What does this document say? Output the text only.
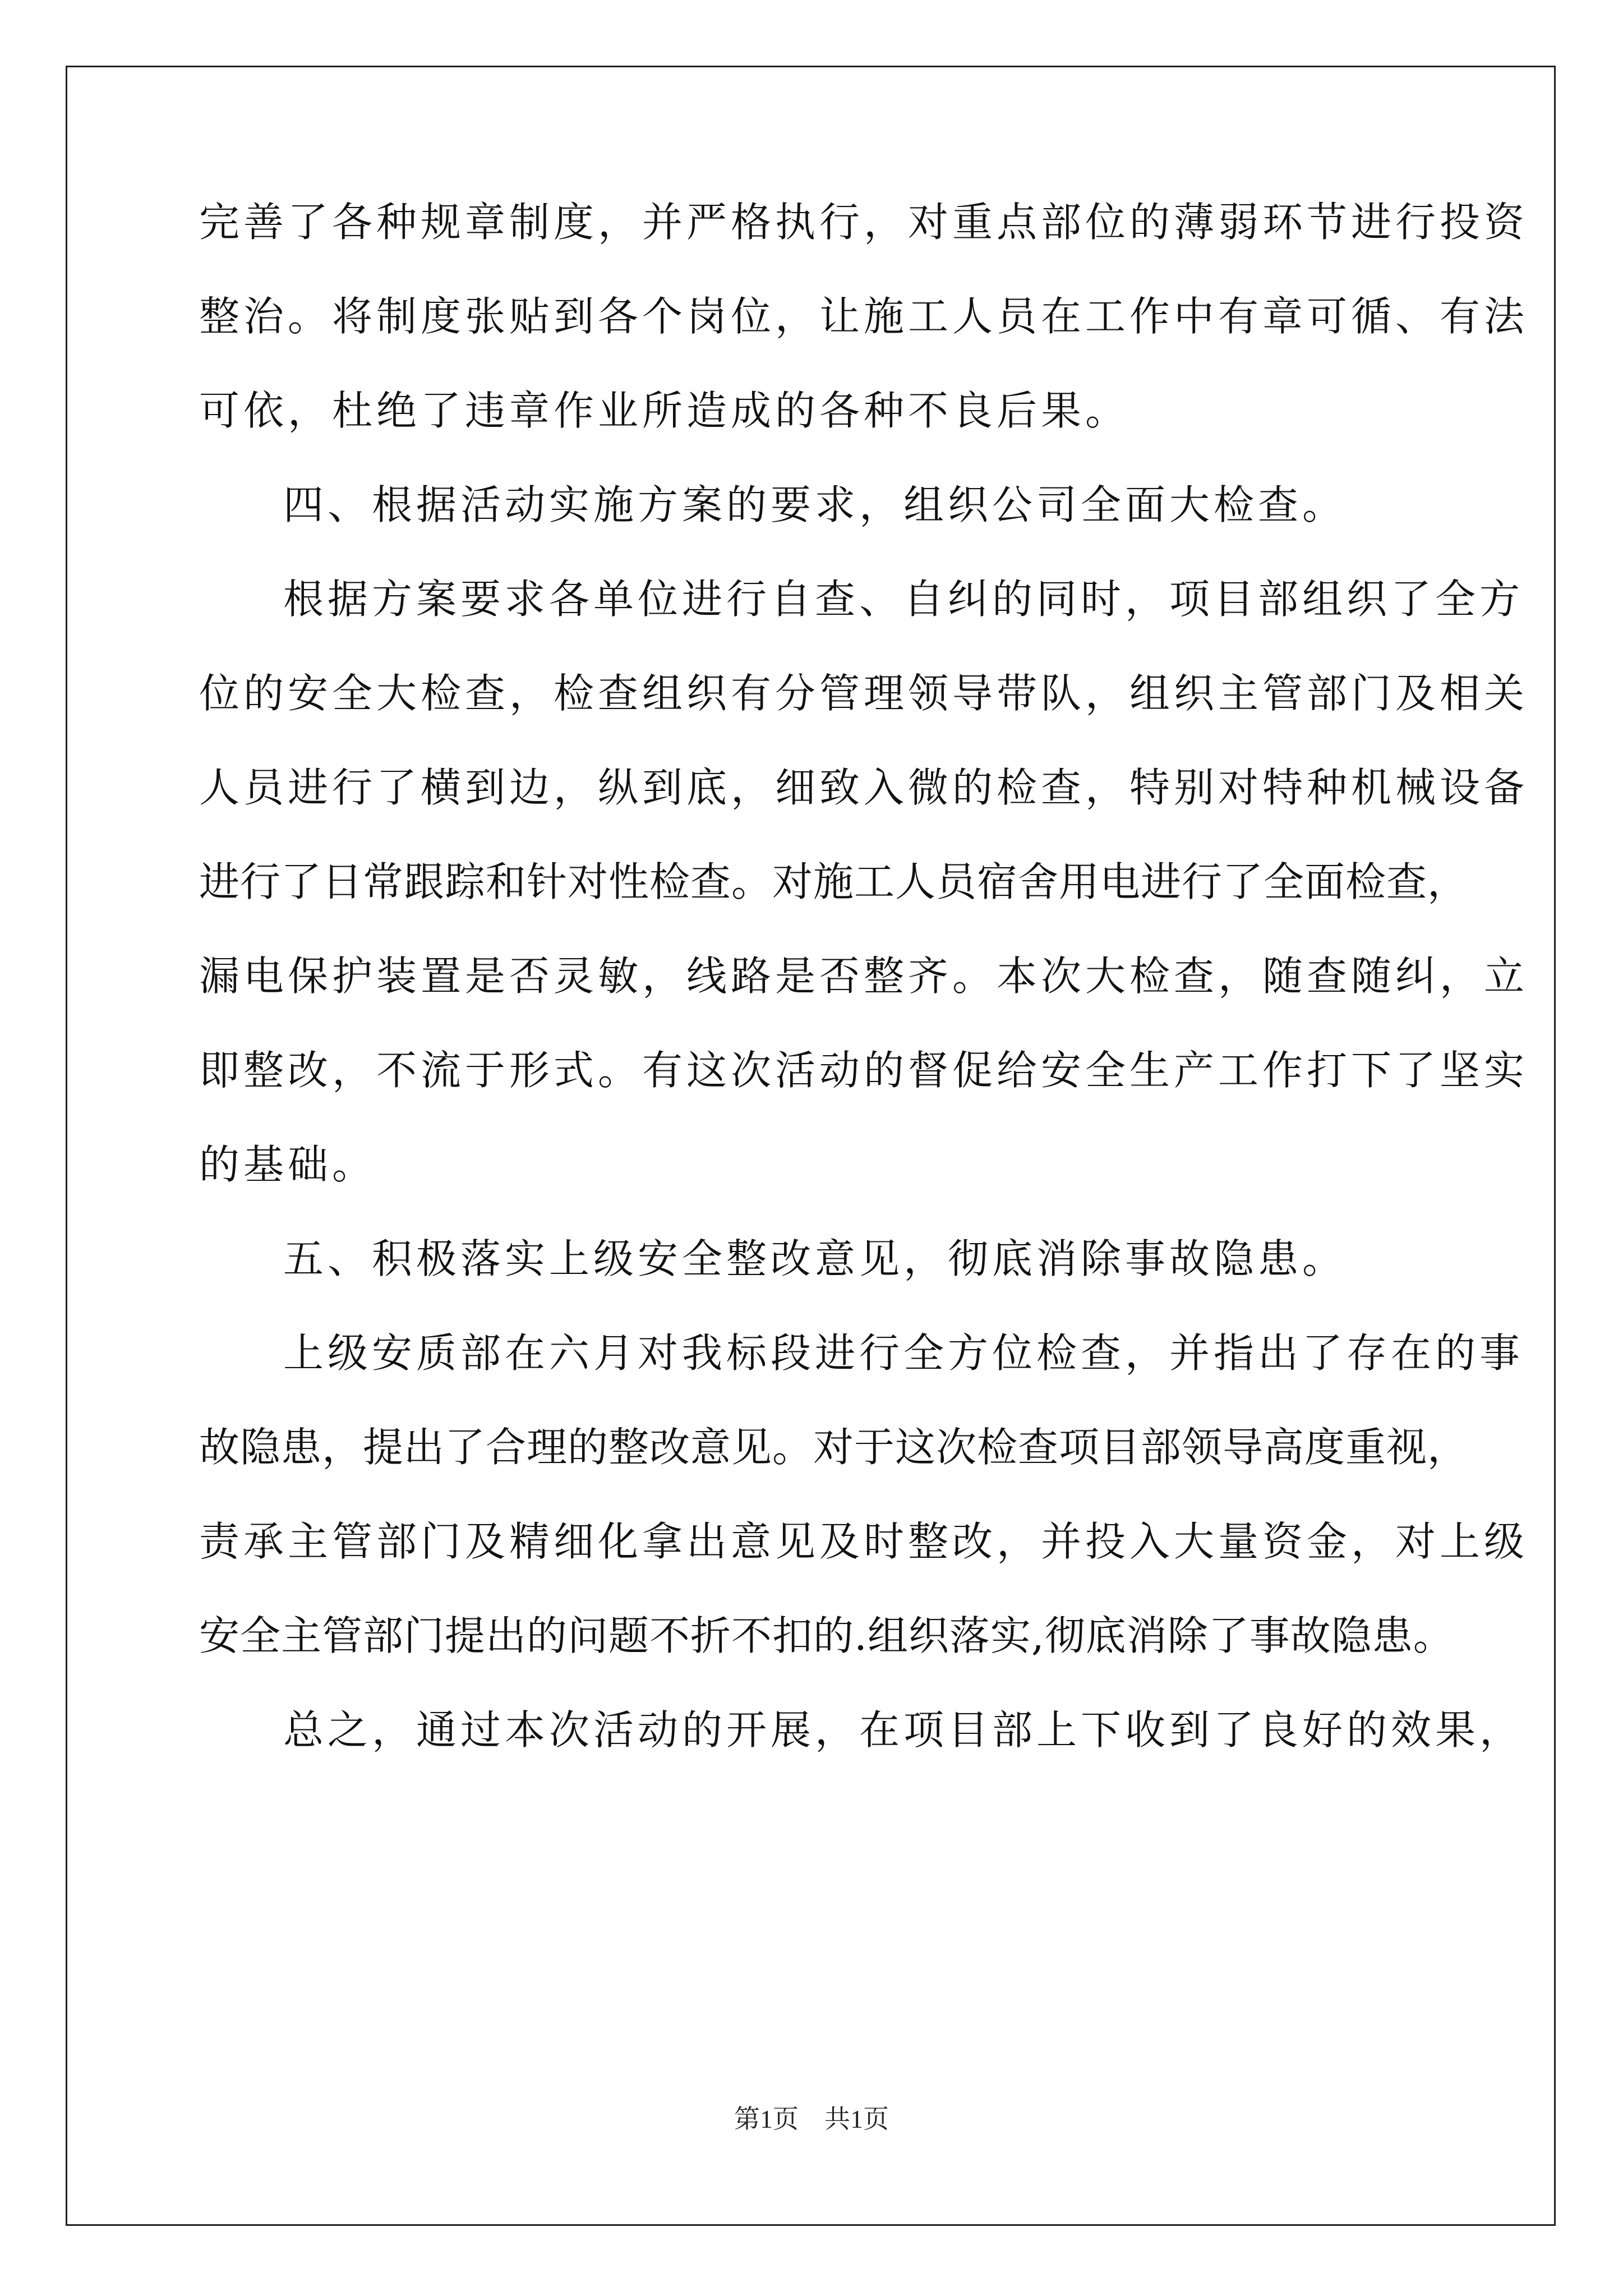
完善了各种规章制度，并严格执行，对重点部位的薄弱环节进行投资

整治。将制度张贴到各个岗位，让施工人员在工作中有章可循、有法

可依，杜绝了违章作业所造成的各种不良后果。

四、根据活动实施方案的要求，组织公司全面大检查。

根据方案要求各单位进行自查、自纠的同时，项目部组织了全方

位的安全大检查，检查组织有分管理领导带队，组织主管部门及相关

人员进行了横到边，纵到底，细致入微的检查，特别对特种机械设备

进行了日常跟踪和针对性检查。对施工人员宿舍用电进行了全面检查，

漏电保护装置是否灵敏，线路是否整齐。本次大检查，随查随纠，立

即整改，不流于形式。有这次活动的督促给安全生产工作打下了坚实

的基础。

五、积极落实上级安全整改意见，彻底消除事故隐患。

上级安质部在六月对我标段进行全方位检查，并指出了存在的事

故隐患，提出了合理的整改意见。对于这次检查项目部领导高度重视，

责承主管部门及精细化拿出意见及时整改，并投入大量资金，对上级

安全主管部门提出的问题不折不扣的.组织落实,彻底消除了事故隐患。

总之，通过本次活动的开展，在项目部上下收到了良好的效果，

第1页　共1页
